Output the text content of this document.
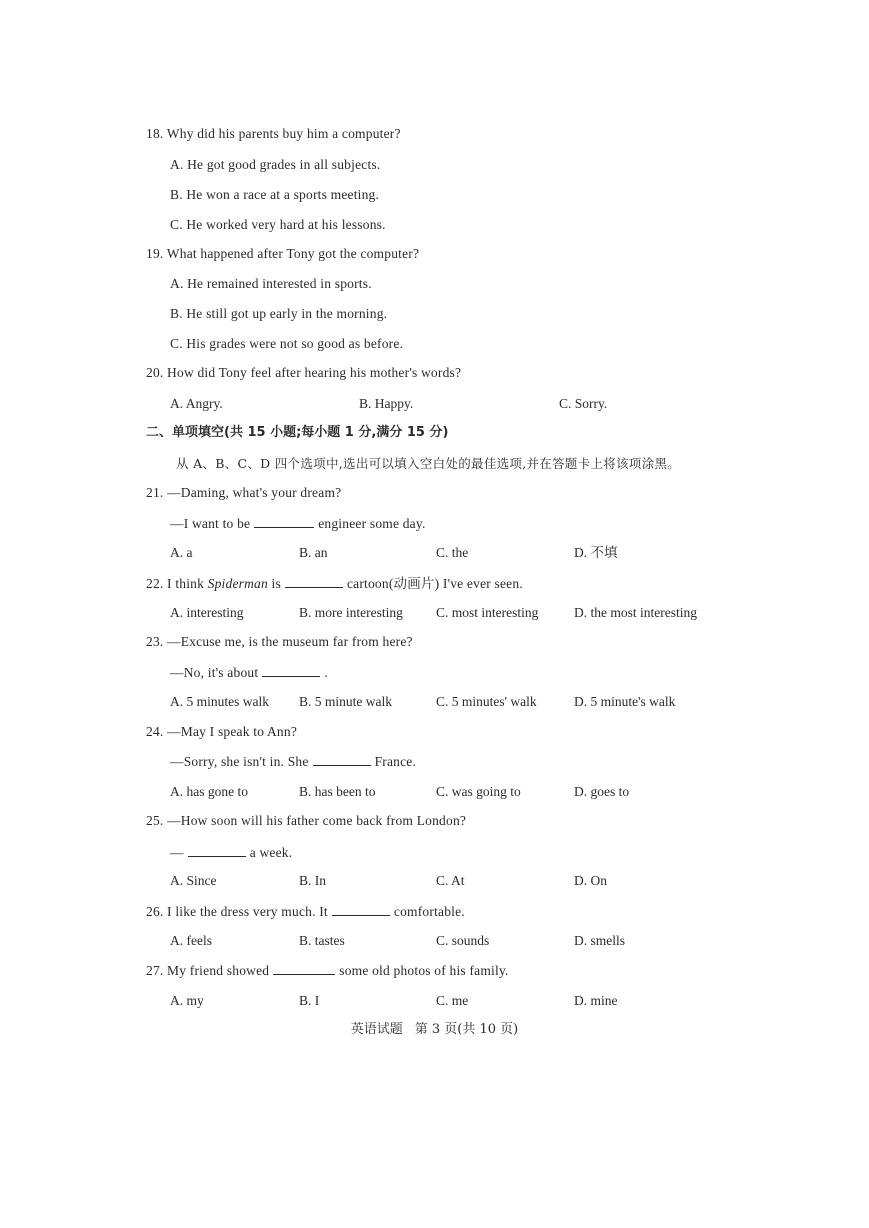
18. Why did his parents buy him a computer?
A. He got good grades in all subjects.
B. He won a race at a sports meeting.
C. He worked very hard at his lessons.
19. What happened after Tony got the computer?
A. He remained interested in sports.
B. He still got up early in the morning.
C. His grades were not so good as before.
20. How did Tony feel after hearing his mother's words?
A. Angry.	B. Happy.	C. Sorry.
二、单项填空(共 15 小题;每小题 1 分,满分 15 分)
从 A、B、C、D 四个选项中,选出可以填入空白处的最佳选项,并在答题卡上将该项涂黑。
21. —Daming, what's your dream?
—I want to be	engineer some day.
A. a	B. an	C. the	D. 不填
22. I think Spiderman is	cartoon(动画片) I've ever seen.
A. interesting	B. more interesting C. most interesting	D. the most interesting
23. —Excuse me, is the museum far from here?
—No, it's about	.
A. 5 minutes walk B. 5 minute walk	C. 5 minutes' walk	D. 5 minute's walk
24. —May I speak to Ann?
—Sorry, she isn't in. She	France.
A. has gone to	B. has been to	C. was going to	D. goes to
25. —How soon will his father come back from London?
—	a week.
A. Since	B. In	C. At	D. On
26. I like the dress very much. It	comfortable.
A. feels	B. tastes	C. sounds	D. smells
27. My friend showed	some old photos of his family.
A. my	B. I	C. me	D. mine
英语试题 第 3 页(共 10 页)
